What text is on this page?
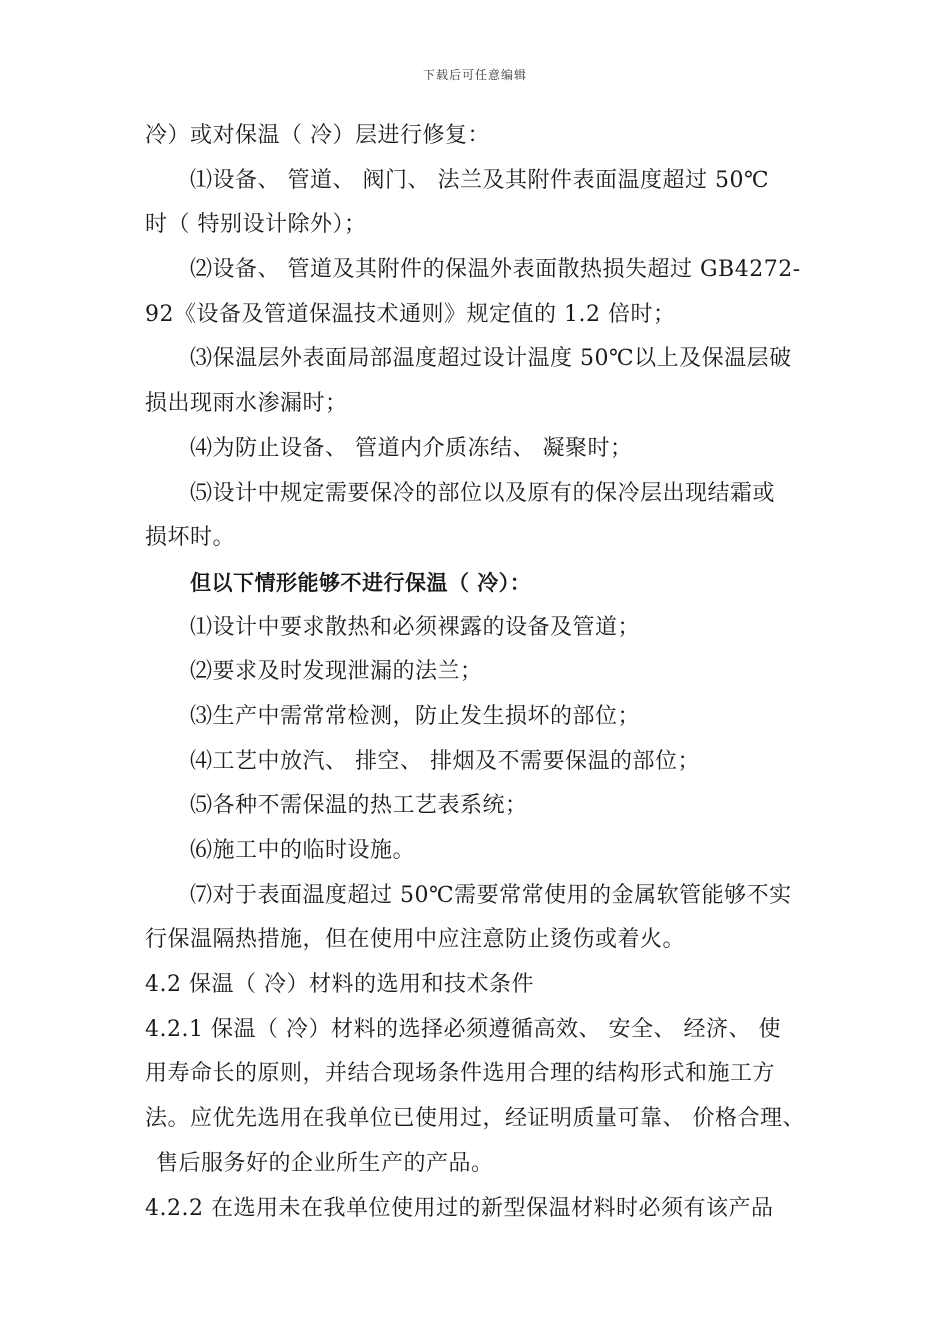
下载后可任意编辑
冷）或对保温（ 冷）层进行修复：
⑴设备、 管道、 阀门、 法兰及其附件表面温度超过 50℃
时（ 特别设计除外）；
⑵设备、 管道及其附件的保温外表面散热损失超过 GB4272-
92《设备及管道保温技术通则》规定值的 1.2 倍时；
⑶保温层外表面局部温度超过设计温度 50℃以上及保温层破
损出现雨水渗漏时；
⑷为防止设备、 管道内介质冻结、 凝聚时；
⑸设计中规定需要保冷的部位以及原有的保冷层出现结霜或
损坏时。
但以下情形能够不进行保温（ 冷）：
⑴设计中要求散热和必须裸露的设备及管道；
⑵要求及时发现泄漏的法兰；
⑶生产中需常常检测，防止发生损坏的部位；
⑷工艺中放汽、 排空、 排烟及不需要保温的部位；
⑸各种不需保温的热工艺表系统；
⑹施工中的临时设施。
⑺对于表面温度超过 50℃需要常常使用的金属软管能够不实
行保温隔热措施，但在使用中应注意防止烫伤或着火。
4.2 保温（ 冷）材料的选用和技术条件
4.2.1 保温（ 冷）材料的选择必须遵循高效、 安全、 经济、 使
用寿命长的原则，并结合现场条件选用合理的结构形式和施工方
法。应优先选用在我单位已使用过，经证明质量可靠、 价格合理、
售后服务好的企业所生产的产品。
4.2.2 在选用未在我单位使用过的新型保温材料时必须有该产品
